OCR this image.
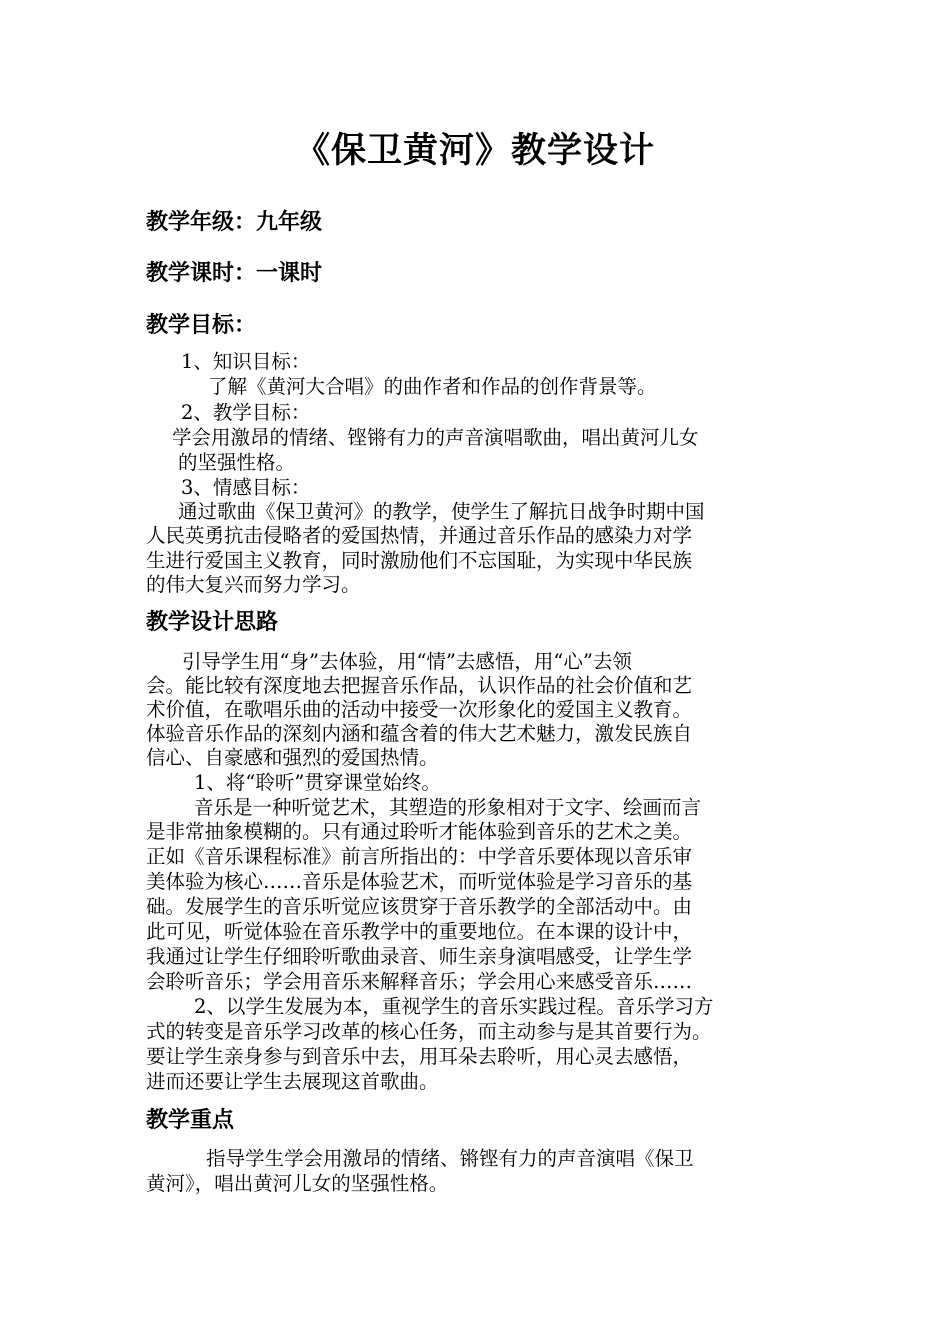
《保卫黄河》教学设计
教学年级：九年级
教学课时：一课时
教学目标：
1、知识目标：
了解《黄河大合唱》的曲作者和作品的创作背景等。
2、教学目标：
学会用激昂的情绪、铿锵有力的声音演唱歌曲，唱出黄河儿女
的坚强性格。
3、情感目标：
通过歌曲《保卫黄河》的教学，使学生了解抗日战争时期中国
人民英勇抗击侵略者的爱国热情，并通过音乐作品的感染力对学
生进行爱国主义教育，同时激励他们不忘国耻，为实现中华民族
的伟大复兴而努力学习。
教学设计思路
引导学生用“身”去体验，用“情”去感悟，用“心”去领
会。能比较有深度地去把握音乐作品，认识作品的社会价值和艺
术价值，在歌唱乐曲的活动中接受一次形象化的爱国主义教育。
体验音乐作品的深刻内涵和蕴含着的伟大艺术魅力，激发民族自
信心、自豪感和强烈的爱国热情。
1、将“聆听”贯穿课堂始终。
音乐是一种听觉艺术，其塑造的形象相对于文字、绘画而言
是非常抽象模糊的。只有通过聆听才能体验到音乐的艺术之美。
正如《音乐课程标准》前言所指出的：中学音乐要体现以音乐审
美体验为核心……音乐是体验艺术，而听觉体验是学习音乐的基
础。发展学生的音乐听觉应该贯穿于音乐教学的全部活动中。由
此可见，听觉体验在音乐教学中的重要地位。在本课的设计中，
我通过让学生仔细聆听歌曲录音、师生亲身演唱感受，让学生学
会聆听音乐；学会用音乐来解释音乐；学会用心来感受音乐……
2、以学生发展为本，重视学生的音乐实践过程。音乐学习方
式的转变是音乐学习改革的核心任务，而主动参与是其首要行为。
要让学生亲身参与到音乐中去，用耳朵去聆听，用心灵去感悟，
进而还要让学生去展现这首歌曲。
教学重点
指导学生学会用激昂的情绪、锵铿有力的声音演唱《保卫
黄河》，唱出黄河儿女的坚强性格。
